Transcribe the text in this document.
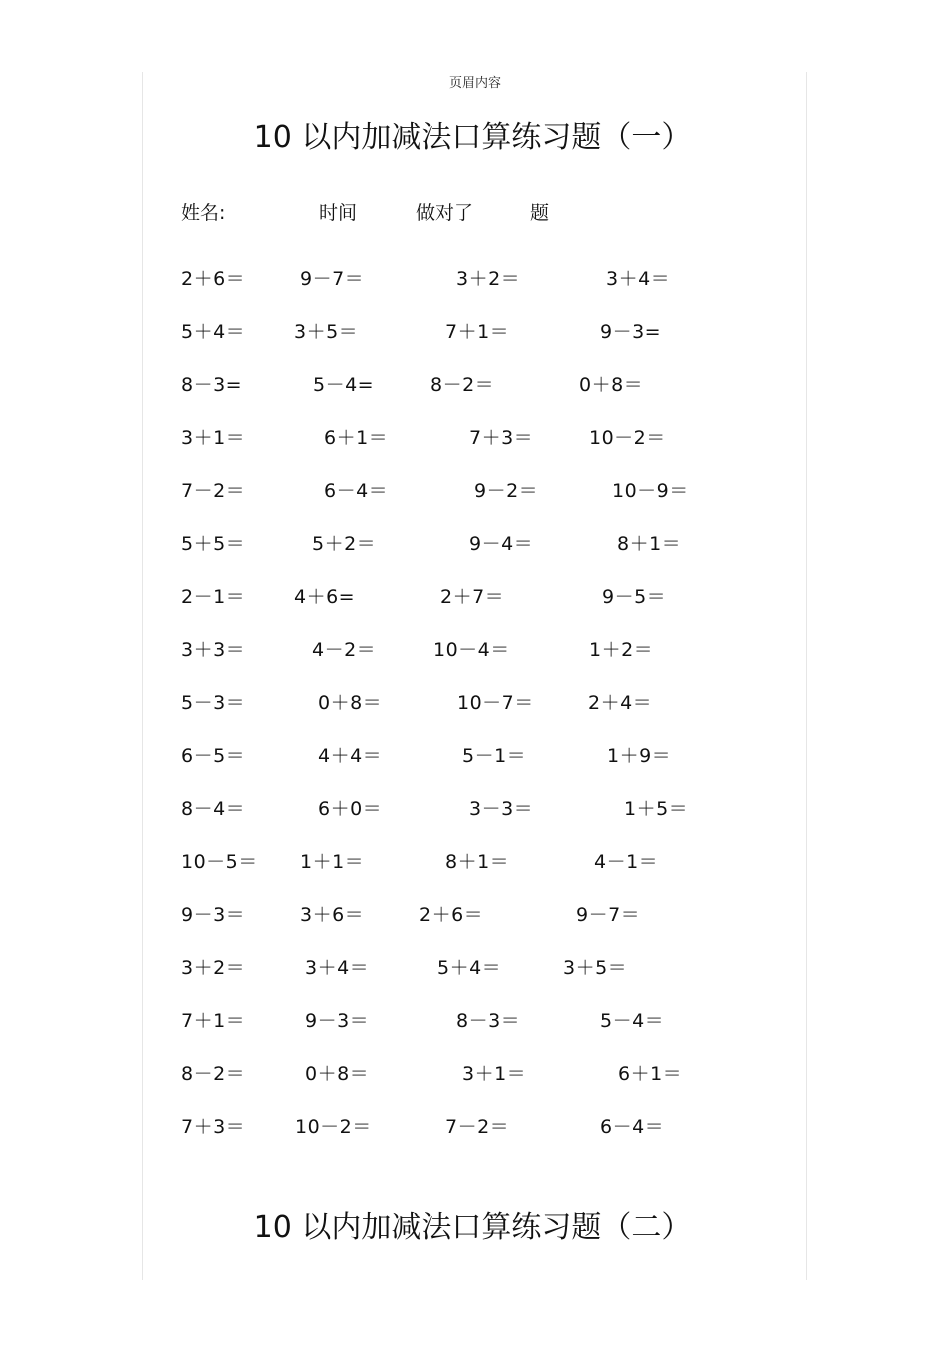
页眉内容
10 以内加减法口算练习题（一）
姓名:	时间	做对了	题
2＋6＝	9－7＝	3＋2＝	3＋4＝
5＋4＝	3＋5＝	7＋1＝	9－3=
8－3=	5－4=	8－2＝	0＋8＝
3＋1＝	6＋1＝	7＋3＝	10－2＝
7－2＝	6－4＝	9－2＝	10－9＝
5＋5＝	5＋2＝	9－4＝	8＋1＝
2－1＝	4＋6=	2＋7＝	9－5＝
3＋3＝	4－2＝	10－4＝	1＋2＝
5－3＝	0＋8＝	10－7＝	2＋4＝
6－5＝	4＋4＝	5－1＝	1＋9＝
8－4＝	6＋0＝	3－3＝	1＋5＝
10－5＝ 1＋1＝	8＋1＝	4－1＝
9－3＝	3＋6＝	2＋6＝	9－7＝
3＋2＝	3＋4＝	5＋4＝	3＋5＝
7＋1＝	9－3＝	8－3＝	5－4＝
8－2＝	0＋8＝	3＋1＝	6＋1＝
7＋3＝	10－2＝	7－2＝	6－4＝
10 以内加减法口算练习题（二）
